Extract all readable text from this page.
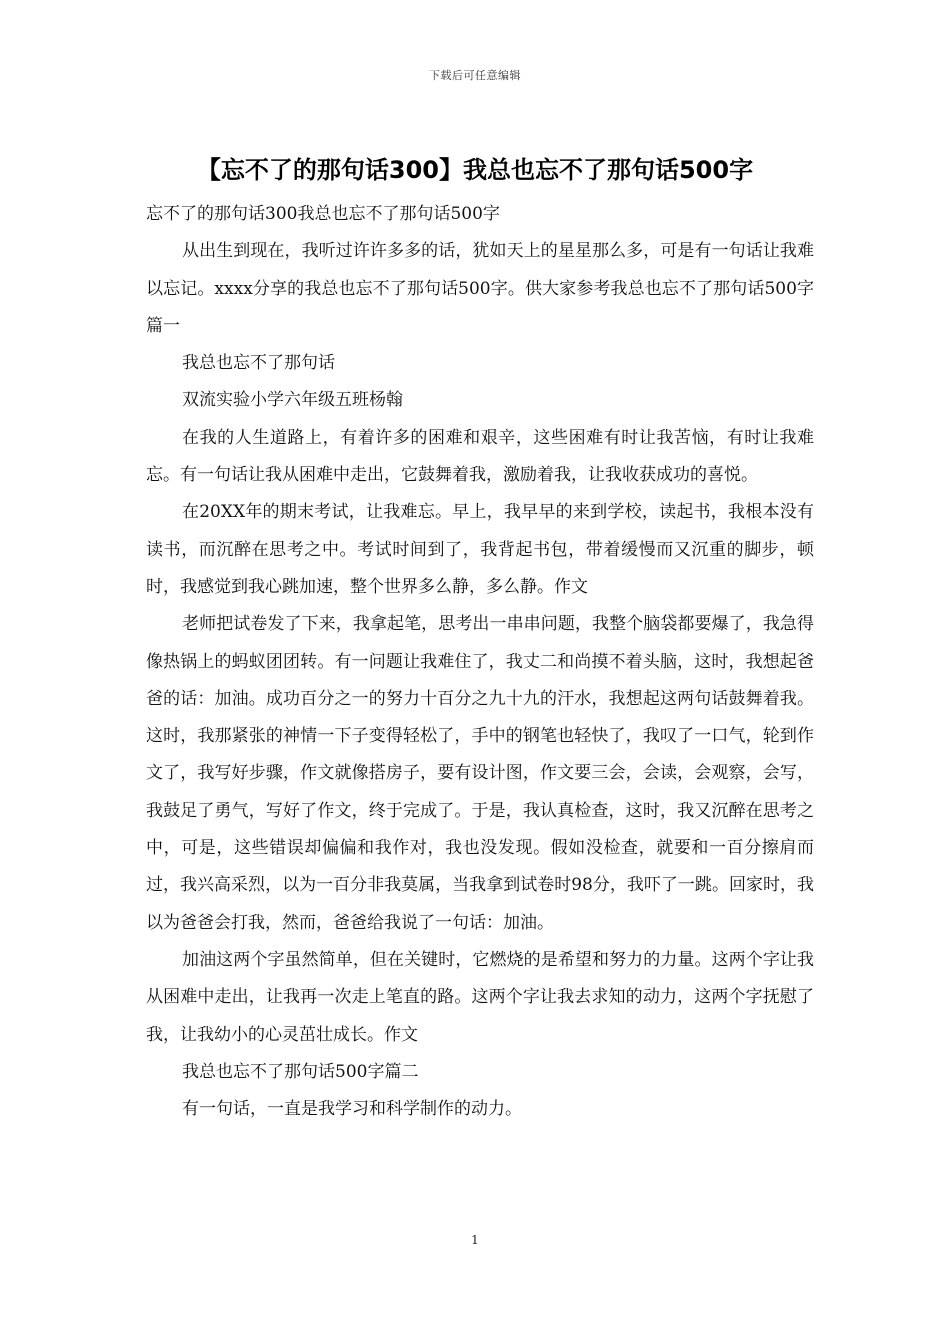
下载后可任意编辑
【忘不了的那句话300】我总也忘不了那句话500字

忘不了的那句话300我总也忘不了那句话500字

从出生到现在，我听过许许多多的话，犹如天上的星星那么多，可是有一句话让我难以忘记。xxxx分享的我总也忘不了那句话500字。供大家参考我总也忘不了那句话500字篇一

我总也忘不了那句话

双流实验小学六年级五班杨翰

在我的人生道路上，有着许多的困难和艰辛，这些困难有时让我苦恼，有时让我难忘。有一句话让我从困难中走出，它鼓舞着我，激励着我，让我收获成功的喜悦。

在20XX年的期末考试，让我难忘。早上，我早早的来到学校，读起书，我根本没有读书，而沉醉在思考之中。考试时间到了，我背起书包，带着缓慢而又沉重的脚步，顿时，我感觉到我心跳加速，整个世界多么静，多么静。作文

老师把试卷发了下来，我拿起笔，思考出一串串问题，我整个脑袋都要爆了，我急得像热锅上的蚂蚁团团转。有一问题让我难住了，我丈二和尚摸不着头脑，这时，我想起爸爸的话：加油。成功百分之一的努力十百分之九十九的汗水，我想起这两句话鼓舞着我。这时，我那紧张的神情一下子变得轻松了，手中的钢笔也轻快了，我叹了一口气，轮到作文了，我写好步骤，作文就像搭房子，要有设计图，作文要三会，会读，会观察，会写，我鼓足了勇气，写好了作文，终于完成了。于是，我认真检查，这时，我又沉醉在思考之中，可是，这些错误却偏偏和我作对，我也没发现。假如没检查，就要和一百分擦肩而过，我兴高采烈，以为一百分非我莫属，当我拿到试卷时98分，我吓了一跳。回家时，我以为爸爸会打我，然而，爸爸给我说了一句话：加油。

加油这两个字虽然简单，但在关键时，它燃烧的是希望和努力的力量。这两个字让我从困难中走出，让我再一次走上笔直的路。这两个字让我去求知的动力，这两个字抚慰了我，让我幼小的心灵茁壮成长。作文

我总也忘不了那句话500字篇二

有一句话，一直是我学习和科学制作的动力。

1
